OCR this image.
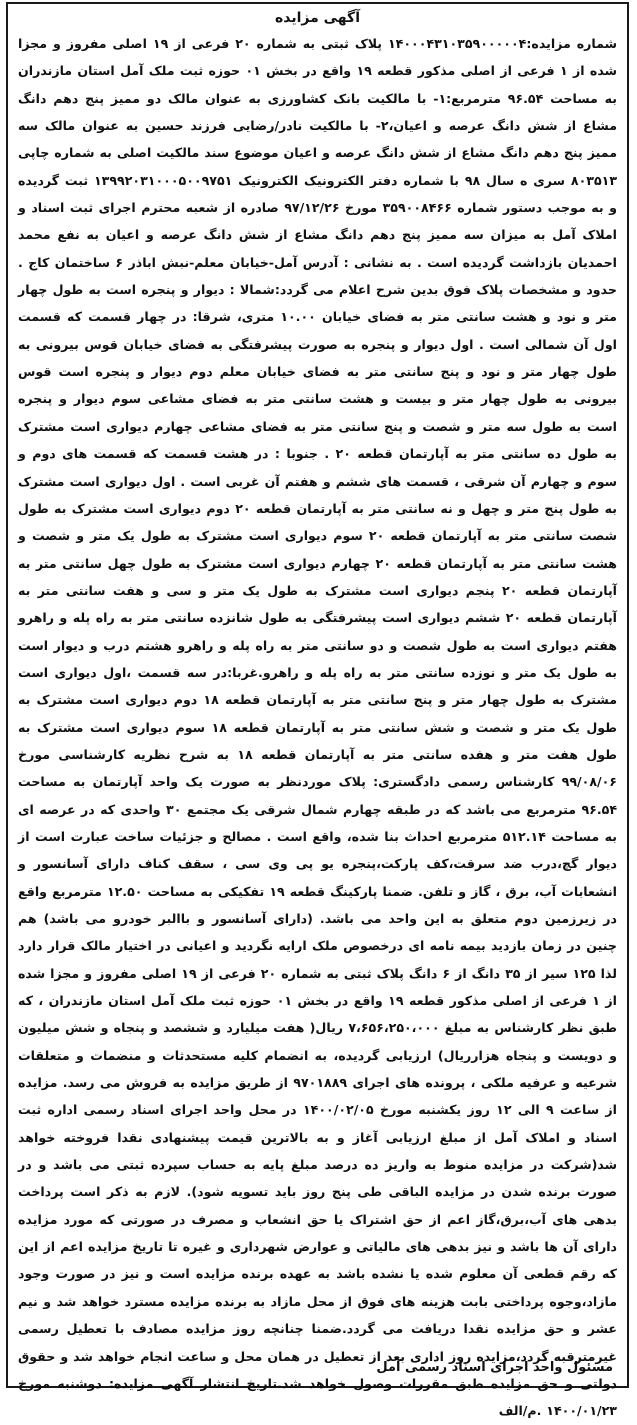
آگهی مزایده

شماره مزایده:۱۴۰۰۰۴۳۱۰۳۵۹۰۰۰۰۰۴ پلاک ثبتی به شماره ۲۰ فرعی از ۱۹ اصلی مفروز و مجزا شده از ۱ فرعی از اصلی مذکور قطعه ۱۹ واقع در بخش ۰۱ حوزه ثبت ملک آمل استان مازندران به مساحت ۹۶.۵۴ مترمربع:۱- با مالکیت بانک کشاورزی به عنوان مالک دو ممیز پنج دهم دانگ مشاع از شش دانگ عرصه و اعیان،۲- با مالکیت نادر/رضایی فرزند حسین به عنوان مالک سه ممیز پنج دهم دانگ مشاع از شش دانگ عرصه و اعیان موضوع سند مالکیت اصلی به شماره چاپی ۸۰۳۵۱۳ سری ه سال ۹۸ با شماره دفتر الکترونیک الکترونیک ۱۳۹۹۲۰۳۱۰۰۰۵۰۰۹۷۵۱ ثبت گردیده و به موجب دستور شماره ۳۵۹۰۰۸۴۶۶ مورخ ۹۷/۱۲/۲۶ صادره از شعبه محترم اجرای ثبت اسناد و املاک آمل به میزان سه ممیز پنج دهم دانگ مشاع از شش دانگ عرصه و اعیان به نفع محمد احمدیان بازداشت گردیده است . به نشانی : آدرس آمل-خیابان معلم-نبش اباذر ۶ ساختمان کاج . حدود و مشخصات پلاک فوق بدین شرح اعلام می گردد:شمالا : دیوار و پنجره است به طول چهار متر و نود و هشت سانتی متر به فضای خیابان ۱۰.۰۰ متری، شرقا: در چهار قسمت که قسمت اول آن شمالی است . اول دیوار و پنجره به صورت پیشرفتگی به فضای خیابان قوس بیرونی به طول چهار متر و نود و پنج سانتی متر به فضای خیابان معلم دوم دیوار و پنجره است قوس بیرونی به طول چهار متر و بیست و هشت سانتی متر به فضای مشاعی سوم دیوار و پنجره است به طول سه متر و شصت و پنج سانتی متر به فضای مشاعی چهارم دیواری است مشترک به طول ده سانتی متر به آپارتمان قطعه ۲۰ . جنوبا : در هشت قسمت که قسمت های دوم و سوم و چهارم آن شرقی ، قسمت های ششم و هفتم آن غربی است . اول دیواری است مشترک به طول پنج متر و چهل و نه سانتی متر به آپارتمان قطعه ۲۰ دوم دیواری است مشترک به طول شصت سانتی متر به آپارتمان قطعه ۲۰ سوم دیواری است مشترک به طول یک متر و شصت و هشت سانتی متر به آپارتمان قطعه ۲۰ چهارم دیواری است مشترک به طول چهل سانتی متر به آپارتمان قطعه ۲۰ پنجم دیواری است مشترک به طول یک متر و سی و هفت سانتی متر به آپارتمان قطعه ۲۰ ششم دیواری است پیشرفتگی به طول شانزده سانتی متر به راه پله و راهرو هفتم دیواری است به طول شصت و دو سانتی متر به راه پله و راهرو هشتم درب و دیوار است به طول یک متر و نوزده سانتی متر به راه پله و راهرو.غربا:در سه قسمت ،اول دیواری است مشترک به طول چهار متر و پنج سانتی متر به آپارتمان قطعه ۱۸ دوم دیواری است مشترک به طول یک متر و شصت و شش سانتی متر به آپارتمان قطعه ۱۸ سوم دیواری است مشترک به طول هفت متر و هفده سانتی متر به آپارتمان قطعه ۱۸ به شرح نظریه کارشناسی مورخ ۹۹/۰۸/۰۶ کارشناس رسمی دادگستری: پلاک موردنظر به صورت یک واحد آپارتمان به مساحت ۹۶.۵۴ مترمربع می باشد که در طبقه چهارم شمال شرقی یک مجتمع ۳۰ واحدی که در عرصه ای به مساحت ۵۱۲.۱۴ مترمربع احداث بنا شده، واقع است . مصالح و جزئیات ساخت عبارت است از دیوار گچ،درب ضد سرقت،کف پارکت،پنجره یو پی وی سی ، سقف کناف دارای آسانسور و انشعابات آب، برق ، گاز و تلفن. ضمنا پارکینگ قطعه ۱۹ تفکیکی به مساحت ۱۲.۵۰ مترمربع واقع در زیرزمین دوم متعلق به این واحد می باشد. (دارای آسانسور و باالبر خودرو می باشد) هم چنین در زمان بازدید بیمه نامه ای درخصوص ملک ارایه نگردید و اعیانی در اختیار مالک قرار دارد لذا ۱۲۵ سیر از ۳۵ دانگ از ۶ دانگ پلاک ثبتی به شماره ۲۰ فرعی از ۱۹ اصلی مفروز و مجزا شده از ۱ فرعی از اصلی مذکور قطعه ۱۹ واقع در بخش ۰۱ حوزه ثبت ملک آمل استان مازندران ، که طبق نظر کارشناس به مبلغ ۷،۶۵۶،۲۵۰،۰۰۰ ریال( هفت میلیارد و ششصد و پنجاه و شش میلیون و دویست و پنجاه هزارریال) ارزیابی گردیده، به انضمام کلیه مستحدثات و منضمات و متعلقات شرعیه و عرفیه ملکی ، پرونده های اجرای ۹۷۰۱۸۸۹ از طریق مزایده به فروش می رسد. مزایده از ساعت ۹ الی ۱۲ روز یکشنبه مورخ ۱۴۰۰/۰۲/۰۵ در محل واحد اجرای اسناد رسمی اداره ثبت اسناد و املاک آمل از مبلغ ارزیابی آغاز و به بالاترین قیمت پیشنهادی نقدا فروخته خواهد شد(شرکت در مزایده منوط به واریز ده درصد مبلغ پایه به حساب سپرده ثبتی می باشد و در صورت برنده شدن در مزایده الباقی طی پنج روز باید تسویه شود). لازم به ذکر است پرداخت بدهی های آب،برق،گاز اعم از حق اشتراک یا حق انشعاب و مصرف در صورتی که مورد مزایده دارای آن ها باشد و نیز بدهی های مالیاتی و عوارض شهرداری و غیره تا تاریخ مزایده اعم از این که رقم قطعی آن معلوم شده یا نشده باشد به عهده برنده مزایده است و نیز در صورت وجود مازاد،وجوه پرداختی بابت هزینه های فوق از محل مازاد به برنده مزایده مسترد خواهد شد و نیم عشر و حق مزایده نقدا دریافت می گردد.ضمنا چنانچه روز مزایده مصادف با تعطیل رسمی غیرمترقبه گردد،مزایده روز اداری بعد از تعطیل در همان محل و ساعت انجام خواهد شد و حقوق دولتی و حق مزایده طبق مقررات وصول خواهد شد.تاریخ انتشار آگهی مزایده: دوشنبه مورخ ۱۴۰۰/۰۱/۲۳ .م/الف

مسئول واحد اجرای اسناد رسمی آمل
